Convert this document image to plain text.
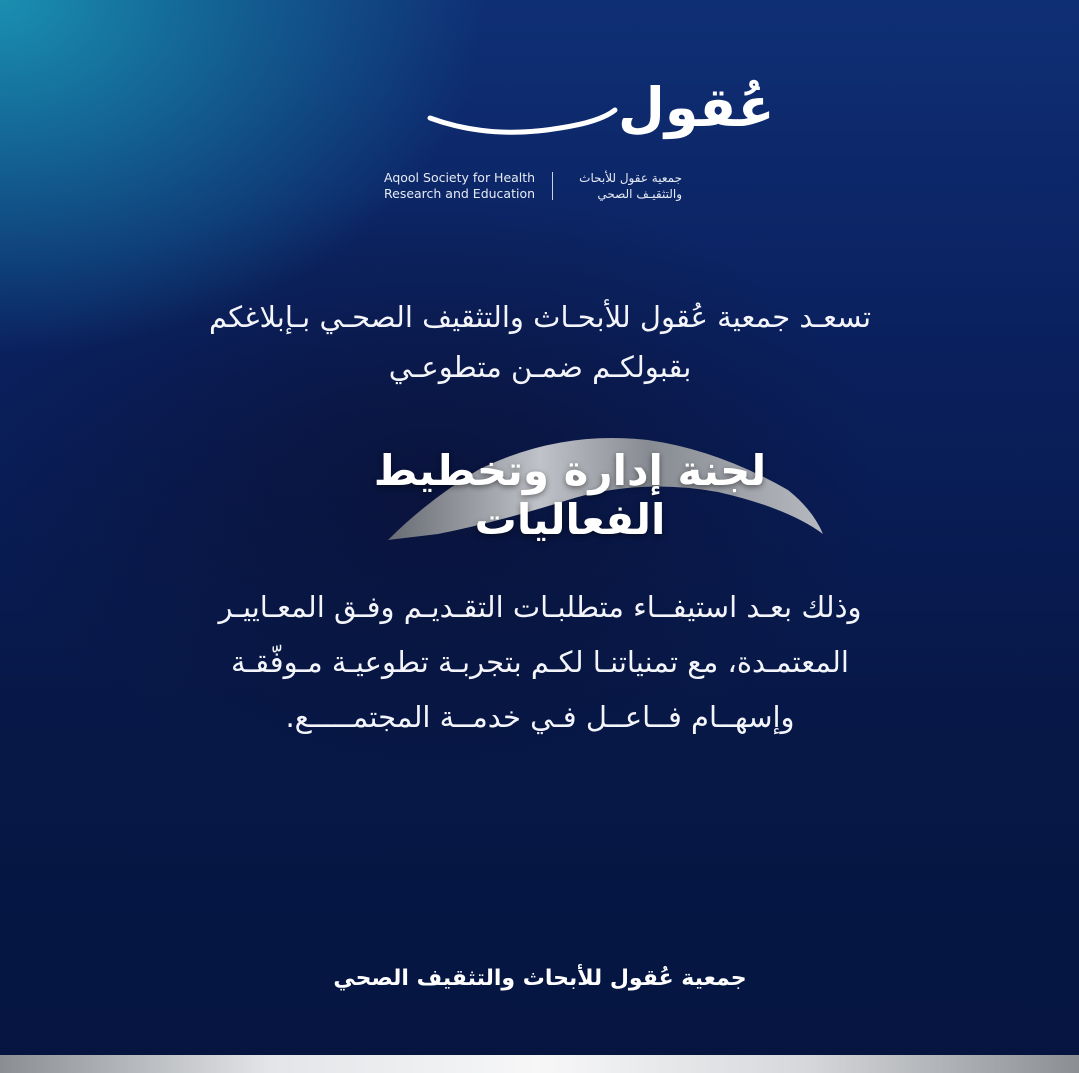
عُقول
Aqool Society for Health
Research and Education
جمعية عقول للأبحاث
والتثقيـف الصحي
تسعـد جمعية عُقول للأبحـاث والتثقيف الصحـي بـإبلاغكم
بقبولكـم ضمـن متطوعـي
لجنة إدارة وتخطيط الفعاليات
وذلك بعـد استيفــاء متطلبـات التقـديـم وفـق المعـاييـر
المعتمـدة، مع تمنياتنـا لكـم بتجربـة تطوعيـة مـوفّقـة
وإسهــام فــاعــل فـي خدمــة المجتمـــــع.
جمعية عُقول للأبحاث والتثقيف الصحي
